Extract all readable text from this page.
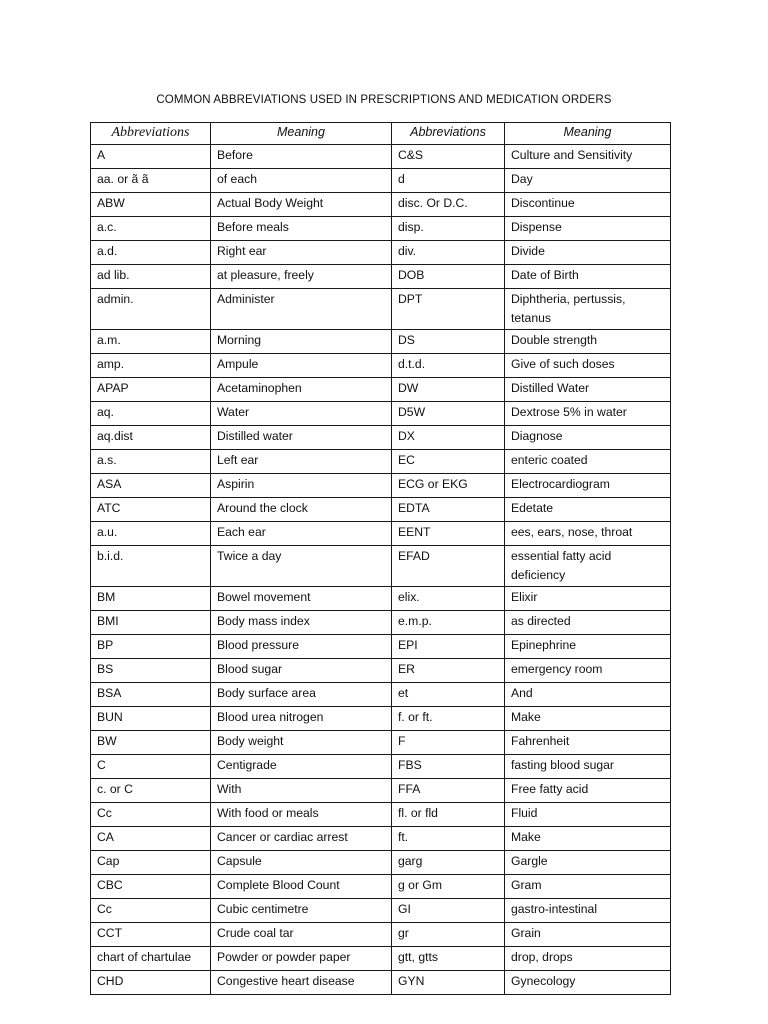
COMMON ABBREVIATIONS USED IN PRESCRIPTIONS AND MEDICATION ORDERS
Abbreviations	Meaning	Abbreviations	Meaning
A	Before	C&S	Culture and Sensitivity
aa. or ã ã	of each	d	Day
ABW	Actual Body Weight	disc. Or D.C.	Discontinue
a.c.	Before meals	disp.	Dispense
a.d.	Right ear	div.	Divide
ad lib.	at pleasure, freely	DOB	Date of Birth
admin.	Administer	DPT	Diphtheria, pertussis, tetanus
a.m.	Morning	DS	Double strength
amp.	Ampule	d.t.d.	Give of such doses
APAP	Acetaminophen	DW	Distilled Water
aq.	Water	D5W	Dextrose 5% in water
aq.dist	Distilled water	DX	Diagnose
a.s.	Left ear	EC	enteric coated
ASA	Aspirin	ECG or EKG	Electrocardiogram
ATC	Around the clock	EDTA	Edetate
a.u.	Each ear	EENT	ees, ears, nose, throat
b.i.d.	Twice a day	EFAD	essential fatty acid deficiency
BM	Bowel movement	elix.	Elixir
BMI	Body mass index	e.m.p.	as directed
BP	Blood pressure	EPI	Epinephrine
BS	Blood sugar	ER	emergency room
BSA	Body surface area	et	And
BUN	Blood urea nitrogen	f. or ft.	Make
BW	Body weight	F	Fahrenheit
C	Centigrade	FBS	fasting blood sugar
c. or C	With	FFA	Free fatty acid
Cc	With food or meals	fl. or fld	Fluid
CA	Cancer or cardiac arrest	ft.	Make
Cap	Capsule	garg	Gargle
CBC	Complete Blood Count	g or Gm	Gram
Cc	Cubic centimetre	GI	gastro-intestinal
CCT	Crude coal tar	gr	Grain
chart of chartulae	Powder or powder paper	gtt, gtts	drop, drops
CHD	Congestive heart disease	GYN	Gynecology
